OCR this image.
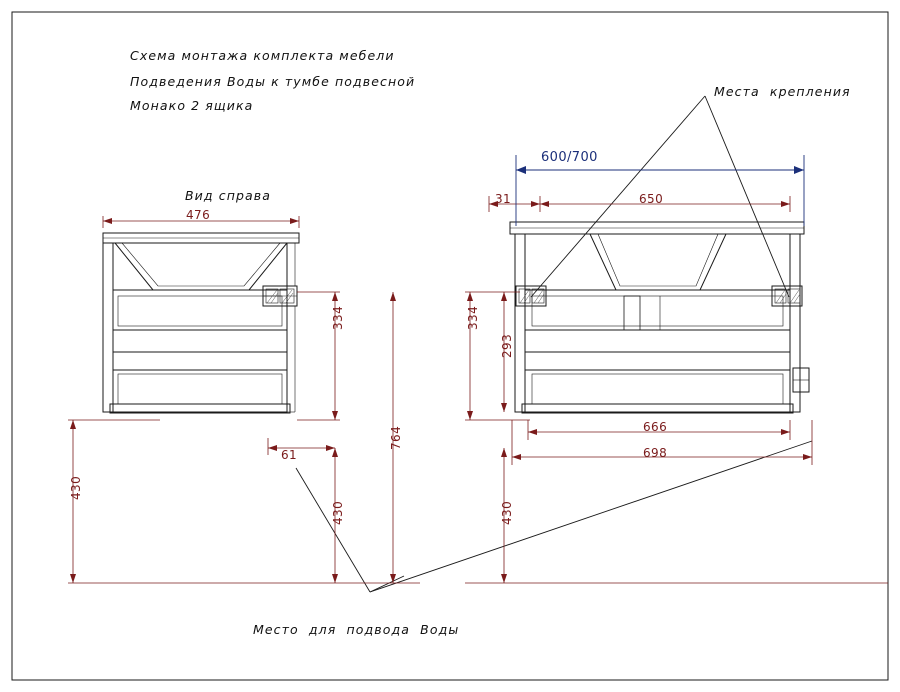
Схема монтажа комплекта мебели
Подведения Воды к тумбе подвесной
Монако 2 ящика
Вид справа
Места  крепления
Место  для  подвода  Воды
476
334
764
61
430
430
600/700
31	650
334
293
666
698
430
